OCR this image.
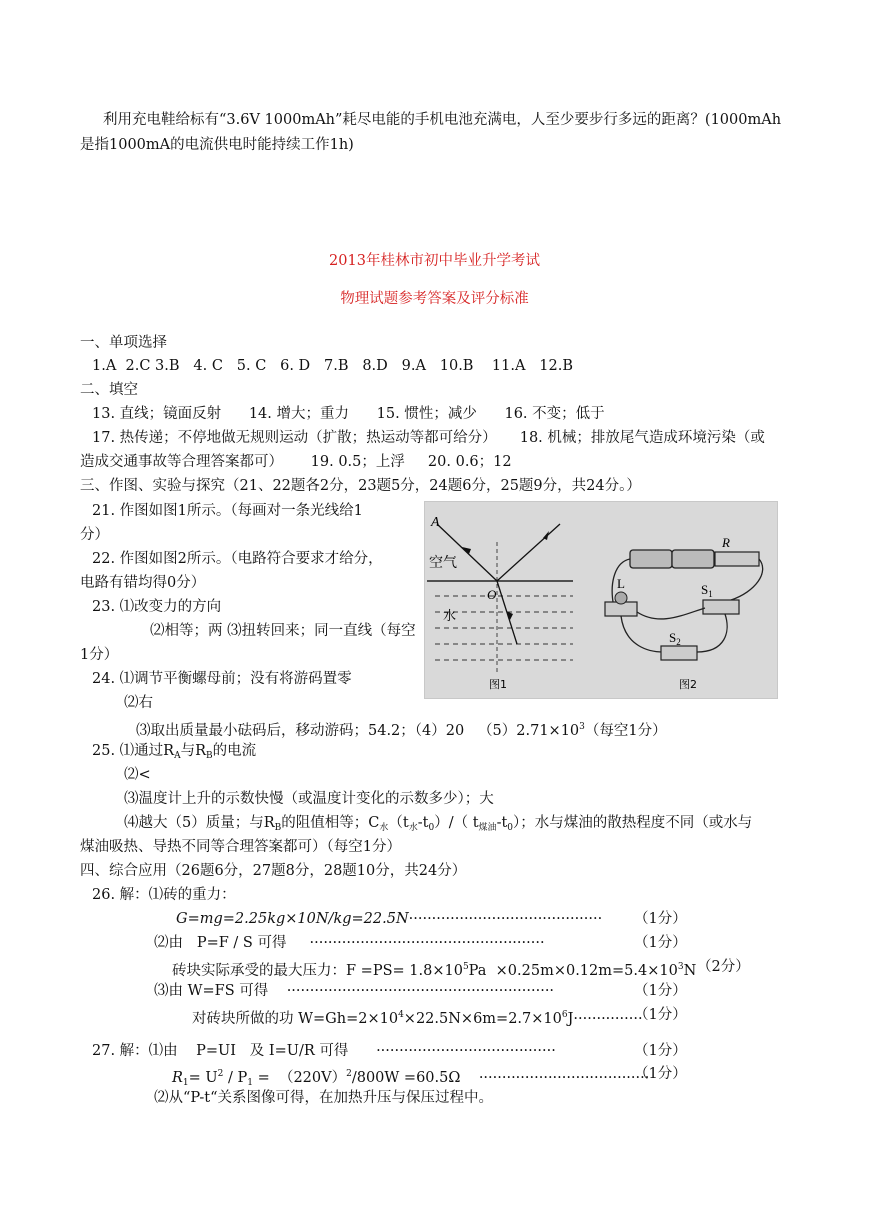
利用充电鞋给标有“3.6V 1000mAh”耗尽电能的手机电池充满电，人至少要步行多远的距离？(1000mAh
是指1000mA的电流供电时能持续工作1h)
2013年桂林市初中毕业升学考试
物理试题参考答案及评分标准
一、单项选择
1.A  2.C 3.B   4. C   5. C   6. D   7.B   8.D   9.A   10.B    11.A   12.B
二、填空
13. 直线；镜面反射      14. 增大；重力      15. 惯性；减少      16. 不变；低于
17. 热传递；不停地做无规则运动（扩散；热运动等都可给分）     18. 机械；排放尾气造成环境污染（或
造成交通事故等合理答案都可）      19. 0.5；上浮     20. 0.6；12
三、作图、实验与探究（21、22题各2分，23题5分，24题6分，25题9分，共24分。）
21. 作图如图1所示。（每画对一条光线给1
分）
22. 作图如图2所示。（电路符合要求才给分，
电路有错均得0分）
23. ⑴改变力的方向
⑵相等；两 ⑶扭转回来；同一直线（每空
1分）
24. ⑴调节平衡螺母前；没有将游码置零
⑵右
⑶取出质量最小砝码后，移动游码；54.2；（4）20   $(5)2.71\times 10^3$（每空1分）
25. ⑴通过$R_A$与$R_B$的电流
⑵<
⑶温度计上升的示数快慢（或温度计变化的示数多少）；大
⑷越大（5）质量；与$R_B$的阻值相等；$C_水(t_水-t_0)/$（ $t_{煤油}-t_0$）；水与煤油的散热程度不同（或水与
煤油吸热、导热不同等合理答案都可）（每空1分）
四、综合应用（26题6分，27题8分，28题10分，共24分）
26. 解：⑴砖的重力：
G=mg=2.25kg×10N/kg=22.5N·········································· （1分）
⑵由   P=F / S 可得 ···················································	（1分）
砖块实际承受的最大压力：$F =PS= 1.8\times 10^5Pa \times 0.25m\times 0.12m=5.4\times 10^3N$ （2分）
⑶由 W=FS 可得 ··························································	（1分）
对砖块所做的功 $W=Gh=2\times 10^4\times 22.5N\times 6m=2.7\times 10^6J\cdot\cdot\cdot\cdot\cdot\cdot\cdot\cdot\cdot\cdot\cdot\cdot\cdot\cdot\cdot$
（1分）
27. 解：⑴由    P=UI   及 I=U/R 可得 ·······································	（1分）
$R_1= U^2 / P_1 = (220V)^2/800W =60.5\Omega$ ·····································
（1分）
⑵从“P-t“关系图像可得，在加热升压与保压过程中。
A
空气
O
水
图1
R
L	$S_1$
$S_2$
图2
